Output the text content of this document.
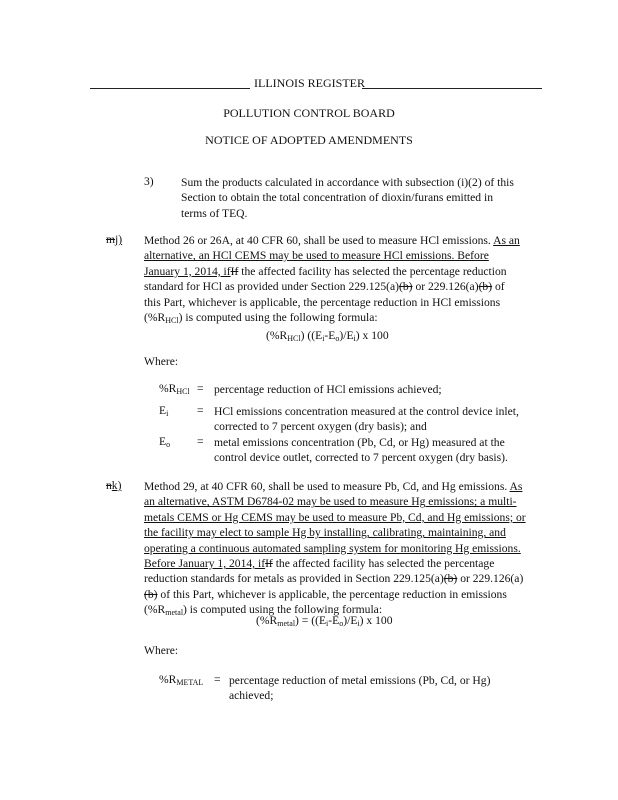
ILLINOIS REGISTER
POLLUTION CONTROL BOARD
NOTICE OF ADOPTED AMENDMENTS
3) Sum the products calculated in accordance with subsection (i)(2) of this Section to obtain the total concentration of dioxin/furans emitted in terms of TEQ.
mj) Method 26 or 26A, at 40 CFR 60, shall be used to measure HCl emissions. As an alternative, an HCl CEMS may be used to measure HCl emissions. Before January 1, 2014, ifIf the affected facility has selected the percentage reduction standard for HCl as provided under Section 229.125(a)(b) or 229.126(a)(b) of this Part, whichever is applicable, the percentage reduction in HCl emissions $(\%R_{HCl})$ is computed using the following formula:
$(\%R_{HCl})$ $((E_i-E_o)/E_i)$ x 100
Where:
$\%R_{HCl}$ = percentage reduction of HCl emissions achieved;
$E_i$ = HCl emissions concentration measured at the control device inlet, corrected to 7 percent oxygen (dry basis); and
$E_o$ = metal emissions concentration (Pb, Cd, or Hg) measured at the control device outlet, corrected to 7 percent oxygen (dry basis).
nk) Method 29, at 40 CFR 60, shall be used to measure Pb, Cd, and Hg emissions. As an alternative, ASTM D6784-02 may be used to measure Hg emissions; a multi-metals CEMS or Hg CEMS may be used to measure Pb, Cd, and Hg emissions; or the facility may elect to sample Hg by installing, calibrating, maintaining, and operating a continuous automated sampling system for monitoring Hg emissions. Before January 1, 2014, ifIf the affected facility has selected the percentage reduction standards for metals as provided in Section 229.125(a)(b) or 229.126(a)(b) of this Part, whichever is applicable, the percentage reduction in emissions $(\%R_{metal})$ is computed using the following formula:
$(\%R_{metal}) = ((E_i-E_o)/E_i)$ x 100
Where:
$\%R_{METAL}$ = percentage reduction of metal emissions (Pb, Cd, or Hg) achieved;
